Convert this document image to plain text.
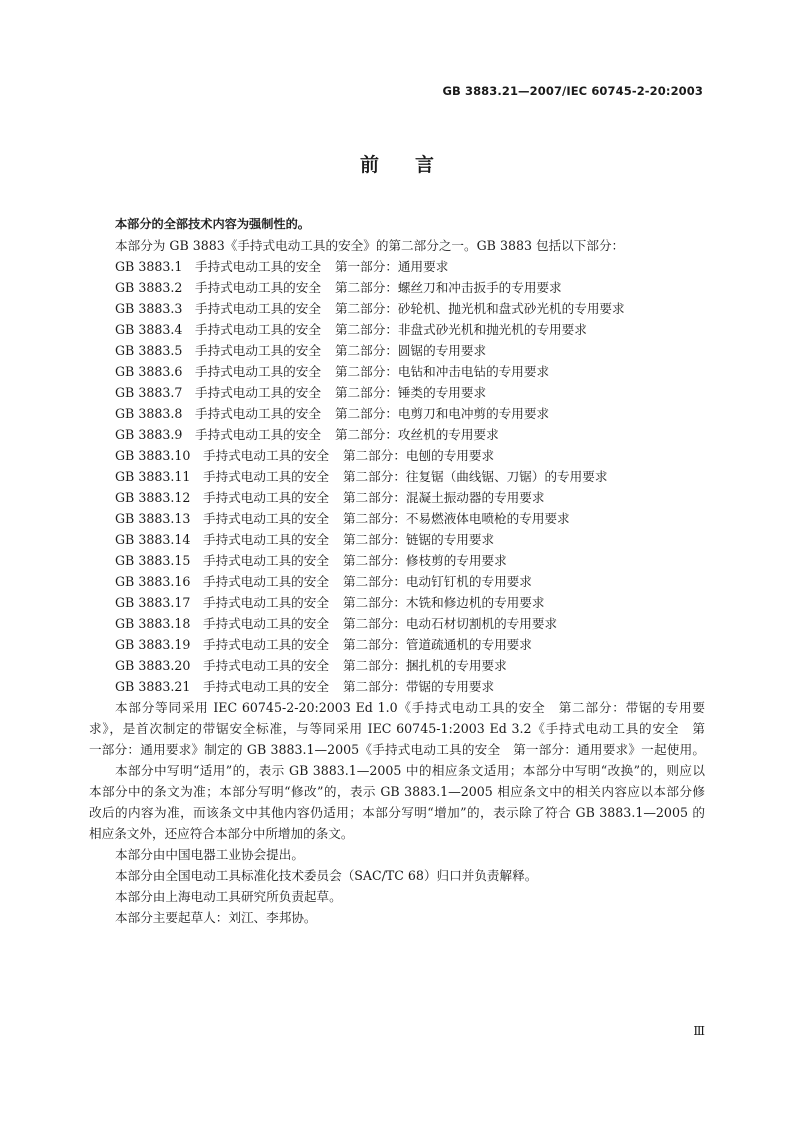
GB 3883.21—2007/IEC 60745-2-20:2003
前言

本部分的全部技术内容为强制性的。

本部分为 GB 3883《手持式电动工具的安全》的第二部分之一。GB 3883 包括以下部分：

GB 3883.1	手持式电动工具的安全 第一部分：通用要求
GB 3883.2	手持式电动工具的安全 第二部分：螺丝刀和冲击扳手的专用要求
GB 3883.3	手持式电动工具的安全 第二部分：砂轮机、抛光机和盘式砂光机的专用要求
GB 3883.4	手持式电动工具的安全 第二部分：非盘式砂光机和抛光机的专用要求
GB 3883.5	手持式电动工具的安全 第二部分：圆锯的专用要求
GB 3883.6	手持式电动工具的安全 第二部分：电钻和冲击电钻的专用要求
GB 3883.7	手持式电动工具的安全 第二部分：锤类的专用要求
GB 3883.8	手持式电动工具的安全 第二部分：电剪刀和电冲剪的专用要求
GB 3883.9	手持式电动工具的安全 第二部分：攻丝机的专用要求
GB 3883.10 手持式电动工具的安全 第二部分：电刨的专用要求
GB 3883.11 手持式电动工具的安全 第二部分：往复锯（曲线锯、刀锯）的专用要求
GB 3883.12 手持式电动工具的安全 第二部分：混凝土振动器的专用要求
GB 3883.13 手持式电动工具的安全 第二部分：不易燃液体电喷枪的专用要求
GB 3883.14 手持式电动工具的安全 第二部分：链锯的专用要求
GB 3883.15 手持式电动工具的安全 第二部分：修枝剪的专用要求
GB 3883.16 手持式电动工具的安全 第二部分：电动钉钉机的专用要求
GB 3883.17 手持式电动工具的安全 第二部分：木铣和修边机的专用要求
GB 3883.18 手持式电动工具的安全 第二部分：电动石材切割机的专用要求
GB 3883.19 手持式电动工具的安全 第二部分：管道疏通机的专用要求
GB 3883.20 手持式电动工具的安全 第二部分：捆扎机的专用要求
GB 3883.21 手持式电动工具的安全 第二部分：带锯的专用要求

本部分等同采用 IEC 60745-2-20:2003 Ed 1.0《手持式电动工具的安全　第二部分：带锯的专用要

求》，是首次制定的带锯安全标准，与等同采用 IEC 60745-1:2003 Ed 3.2《手持式电动工具的安全　第

一部分：通用要求》制定的 GB 3883.1—2005《手持式电动工具的安全　第一部分：通用要求》一起使用。

本部分中写明“适用”的，表示 GB 3883.1—2005 中的相应条文适用；本部分中写明“改换”的，则应以

本部分中的条文为准；本部分写明“修改”的，表示 GB 3883.1—2005 相应条文中的相关内容应以本部分修

改后的内容为准，而该条文中其他内容仍适用；本部分写明“增加”的，表示除了符合 GB 3883.1—2005 的

相应条文外，还应符合本部分中所增加的条文。

本部分由中国电器工业协会提出。

本部分由全国电动工具标准化技术委员会（SAC/TC 68）归口并负责解释。

本部分由上海电动工具研究所负责起草。

本部分主要起草人：刘江、李邦协。

Ⅲ
